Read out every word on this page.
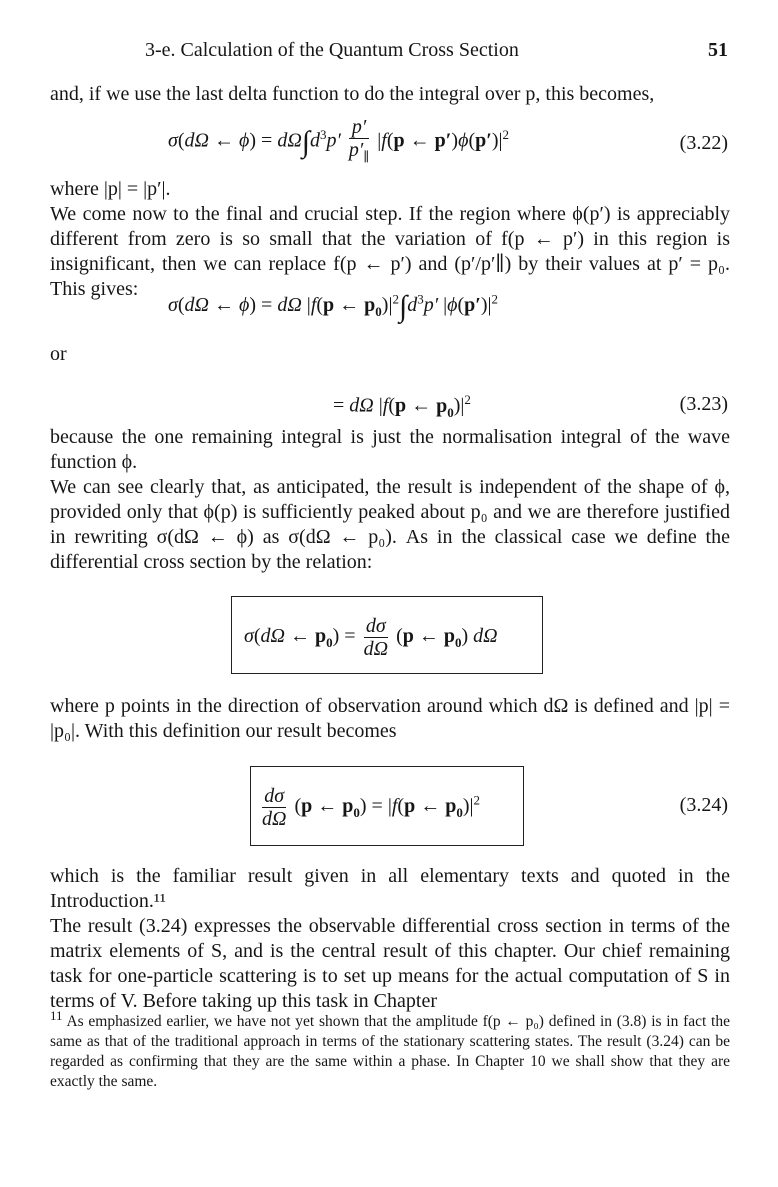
3-e. Calculation of the Quantum Cross Section	51

and, if we use the last delta function to do the integral over p, this becomes,

σ(dΩ ← $\phi) = d\Omega\int d^3p' \frac{p'}{p'_\parallel} |f(p$ ← $p')\phi(p')|^2$	(3.22)

where |p| = |p′|.

We come now to the final and crucial step. If the region where ϕ(p′) is appreciably different from zero is so small that the variation of f(p ← p′) in this region is insignificant, then we can replace f(p ← p′) and (p′/p′∥) by their values at p′ = p₀. This gives:

σ(dΩ ← ϕ) = dΩ |f(p ← $p_0)|^2\int d^3p'$ $|\phi(p')|^2$
or
= dΩ |f(p ← $p_0)|^2$	(3.23)

because the one remaining integral is just the normalisation integral of the wave function ϕ.

We can see clearly that, as anticipated, the result is independent of the shape of ϕ, provided only that ϕ(p) is sufficiently peaked about p₀ and we are therefore justified in rewriting σ(dΩ ← ϕ) as σ(dΩ ← p₀). As in the classical case we define the differential cross section by the relation:

σ(dΩ ← $p_0) = \frac{d\sigma}{d\Omega} (p$ ← $p_0$) dΩ

where p points in the direction of observation around which dΩ is defined and |p| = |p₀|. With this definition our result becomes

$\frac{d\sigma}{d\Omega} (p$ ← $p_0) = |f(p$ ← $p_0)|^2$	(3.24)

which is the familiar result given in all elementary texts and quoted in the Introduction.¹¹

The result (3.24) expresses the observable differential cross section in terms of the matrix elements of S, and is the central result of this chapter. Our chief remaining task for one-particle scattering is to set up means for the actual computation of S in terms of V. Before taking up this task in Chapter

$^{11}$ As emphasized earlier, we have not yet shown that the amplitude f(p ← p₀) defined in (3.8) is in fact the same as that of the traditional approach in terms of the stationary scattering states. The result (3.24) can be regarded as confirming that they are the same within a phase. In Chapter 10 we shall show that they are exactly the same.
